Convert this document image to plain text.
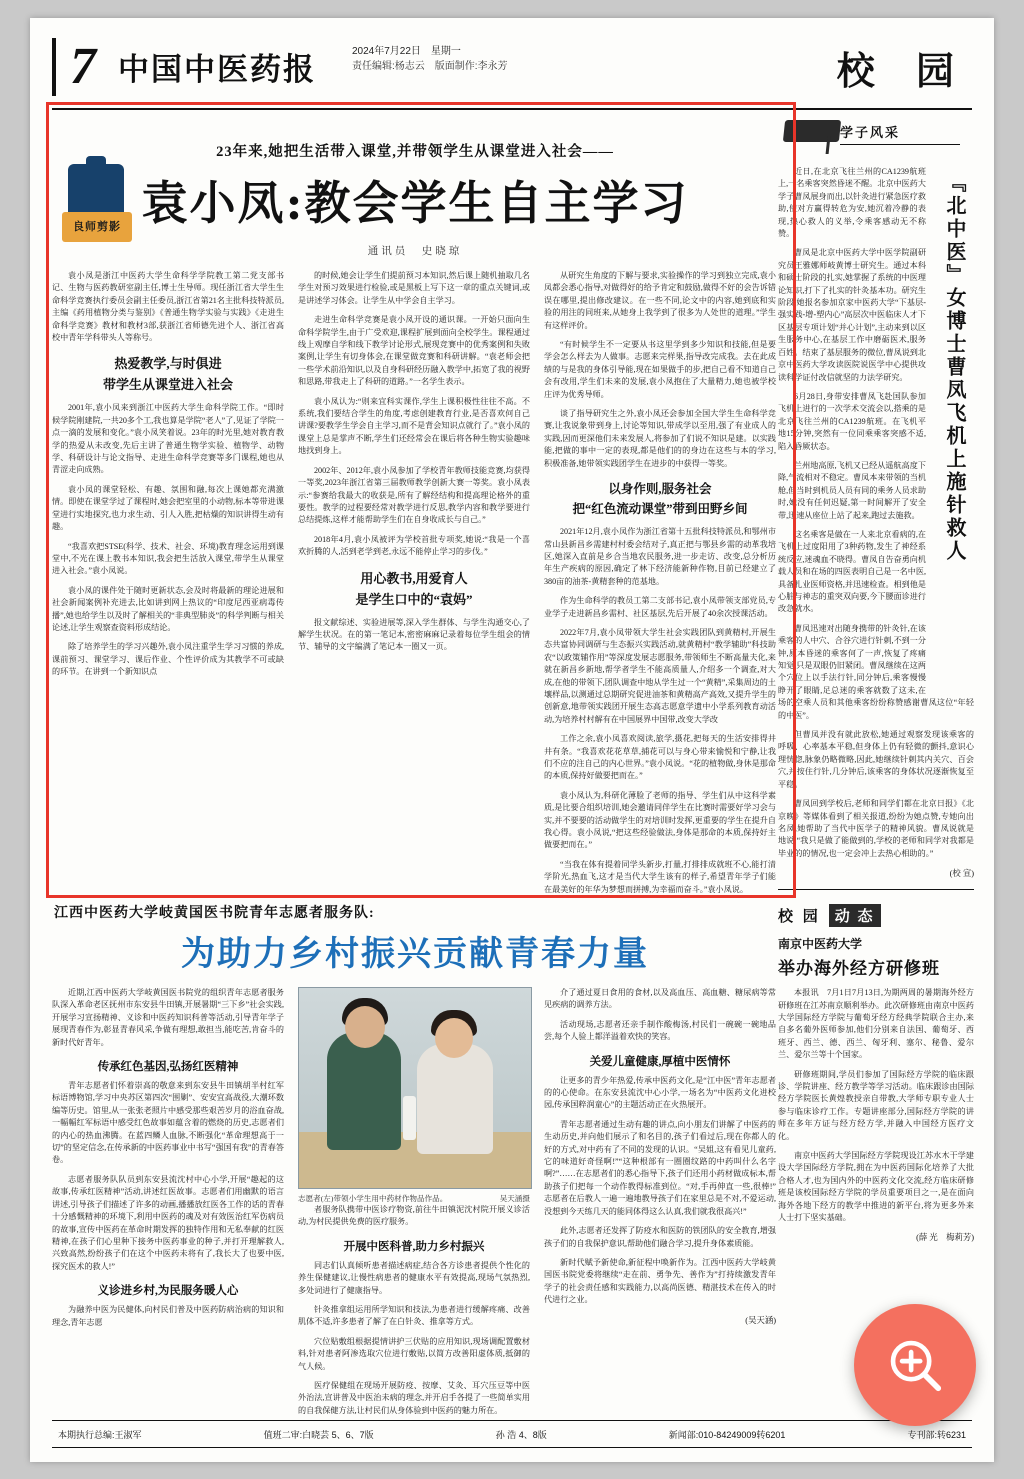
7 中国中医药报
2024年7月22日　星期一
责任编辑:杨志云　版面制作:李永芳	校 园
良师剪影
23年来,她把生活带入课堂,并带领学生从课堂进入社会——
袁小凤:教会学生自主学习
通讯员　史晓琼

袁小凤是浙江中医药大学生命科学学院教工第二党支部书记、生物与医药教研室副主任,博士生导师。现任浙江省大学生生命科学竞赛执行委员会副主任委员,浙江省第21名主批科技特派员,主编《药用植物分类与鉴别》《普通生物学实验与实践》《走进生命科学竞赛》教材和教材3部,获浙江省师德先进个人、浙江省高校中青年学科带头人等称号。

热爱教学,与时俱进
带学生从课堂进入社会

2001年,袁小凤来到浙江中医药大学生命科学院工作。“即时候学院刚建院,一共20多个工,我也算是学院“老人”了,见证了学院一点一滴的发展和变化。”袁小凤笑着说。23年的时光里,她对教育教学的热爱从未改变,先后主讲了普通生物学实验、植物学、动物学、科研设计与论文指导、走进生命科学竞赛等多门课程,她也从青涩走向成熟。

袁小凤的课堂轻松、有趣、氛围和融,每次上课她都充满激情。即使在课堂学过了课程时,她会把室里的小动物,标本等带进课堂进行实地探究,也力求生动、引人入胜,把枯燥的知识讲得生动有趣。

“我喜欢把STSE(科学、技术、社会、环境)教育理念运用到课堂中,不光在课上教书本知识,我会把生活放入课堂,带学生从课堂进入社会。”袁小凤说。

袁小凤的课件处于随时更新状态,会及时将最新的理论进展和社会新闻案例补充进去,比如讲到网上热议的“印度尼西亚病毒传播”,她也给学生以及时了解相关的“非典型肺炎”的科学判断与相关论述,让学生观察查资料形成结论。

除了培养学生的学习兴趣外,袁小凤注重学生学习习惯的养成,课前预习、课堂学习、课后作业、个性评价成为其教学不可或缺的环节。在讲到一个新知识点

的时候,她会让学生们提前预习本知识,然后课上随机抽取几名学生对预习效果进行检验,或是黑板上写下这一章的重点关键词,或是讲述学习体会。让学生从中学会自主学习。

走进生命科学竞赛是袁小凤开设的通识课。一开始只面向生命科学院学生,由于广受欢迎,课程扩展到面向全校学生。课程通过线上观摩自学和线下教学讨论形式,展现竞赛中的优秀案例和失败案例,让学生有切身体会,在课堂做竞赛和科研讲解。“袁老师会把一些学术前沿知识,以及自身科研经历融入教学中,拓宽了我的视野和思路,带我走上了科研的道路。”一名学生表示。

袁小凤认为:“则来宜科实课作,学生上课积极性往往不高。不系统,我们要结合学生的角度,考虑创建教育行业,是否喜欢何自己讲课?要教学生学会自主学习,而不是背会知识点就行了。”袁小凤的课堂上总是掌声不断,学生们还经常会在课后将各种生物实验趣味地找到身上。

2002年、2012年,袁小凤参加了学校青年教师技能竞赛,均获得一等奖,2023年浙江省第三届教师教学创新大赛一等奖。袁小凤表示:“参赛给我最大的收获是,所有了解经结构和提高理论格外的重要性。教学的过程要经常对教学进行反思,教学内容和教学要进行总结提炼,这样才能帮助学生们在自身收成长与自己。”

2018年4月,袁小凤被评为学校首批专项奖,她说:“我是一个喜欢折腾的人,活到老学到老,永远不能停止学习的步伐。”

用心教书,用爱育人
是学生口中的“袁妈”

报文献综述、实验进展等,深入学生群体、与学生沟通交心,了解学生状况。在的第一笔记本,密密麻麻记录着每位学生组会的情节、辅导的文字编满了笔记本一圈又一页。

从研究生角度的下解与要求,实验操作的学习到独立完成,袁小凤都会悉心指导,对做得好的给予肯定和鼓励,做得不好的会告诉错误在哪里,提出修改建议。在一些不同,论文中的内容,她到底和实验的用注的同班来,从她身上我学到了很多为人处世的道理。”学生有这样评价。

“有时候学生不一定要从书这里学到多少知识和技能,但是要学会怎么样去为人做事。志愿来完样果,指导改完成我。去在此成绩的与是我的身体引导能,现在如果做手的步,把自己看不知道自己会有改用,学生们未来的发展,袁小凤抱住了大量精力,她也被学校庄评为优秀导师。

谈了指导研究生之外,袁小凤还会参加全国大学生生命科学竞赛,让我说象带到身上,讨论等知识,带成学以至用,强了有业成人的实践,因而更深他们未来发展人,将参加了们说不知识是建。以实践能,把做的事中一定的表现,都是他们的的身边在这些与本的学习,积极准备,她带领实践团学生在进步的中获得一等奖。

以身作则,服务社会
把“红色流动课堂”带到田野乡间

2021年12月,袁小凤作为浙江省第十五批科技特派员,和鄂州市常山县新昌乡需建村村委会结对子,真正把与鄂县乡需的动革我培区,她深入直前是乡合当地农民服务,进一步走访、改变,总分析历年生产疾病的原因,确定了林下经济能新种作物,目前已经建立了380亩的油茶-黄精套种的范基地。

作为生命科学的教员工第二支部书记,袁小凤带领支部党员,专业学子走进新昌乡需村、社区基层,先后开展了40余次授课活动。

2022年7月,袁小凤带领大学生社会实践团队到黄精村,开展生态共富协同调研与生态振兴实践活动,就黄精村“教学辅助”科技助农“以政策辅作用”等深度发展志愿服务,带领师生不断高量夫化,来就在新昌乡新地,帮学者学生不能高质量人,介绍多一个调查,对大成,在他的带领下,团队调查中地从学生过一个“黄精”,采集周边的土壤样品,以测通过总期研究促进油茶和黄精高产高效,又提升学生的创新意,地带领实践团开展生态高志愿意学遗中小学系列教育动活动,为培养村村解有在中国展界中国带,改变大学改

工作之余,袁小凤喜欢阅读,旅学,摄花,把每天的生活安排得井井有条。“我喜欢花花草草,捕花可以与身心带来愉悦和宁静,让我们不应的注自己的内心世界。”袁小凤说。“花的植物做,身休是那命的本质,保持好做要把而在。”

袁小凤认为,科研化薄脸了老师的指导、学生们从中这科学素质,是比要合组织培训,她会邀请同伴学生在比赛时需要好学习会与实,并不要要的活动做学生的对培训时发挥,更重要的学生在提升自我心得。袁小凤说,“把这些经验做法,身体是那命的本质,保持好主做要把而在。”

“当我在体有提着同学头新步,打量,打排排成就班不心,能打清学阶光,热血飞,这才是当代大学生该有的样子,希望青年学子们能在最美好的年华为梦想而拼搏,为幸福而奋斗。”袁小凤说。

学子风采
『北中医』女博士曹凤飞机上施针救人

近日,在北京飞往兰州的CA1239航班上,一名乘客突然昏迷不醒。北京中医药大学子曹凤展身而出,以针灸进行紧急医疗救助,使对方赢得转危为安,她沉着冷静的表现,热心救人的义举,令乘客感动无不称赞。

曹凤是北京中医药大学中医学院副研究员王雅娜师岐黄博士研究生。通过本科和硕士阶段的扎实,她掌握了系统的中医理论知识,打下了扎实的针灸基本功。研究生阶段,她报名参加京家中医药大学“下基层-强实践-增-塑内心”高层次中医临床人才下区基层专项计划“并心计划”,主动来到以区生服务中心,在基层工作中磨砺医术,服务百姓。结束了基层服务的微位,曹凤说到北京中医药大学攻读医院说医学中心提供攻读科学证付改信就坚的力法学研究。

6月28日,身带安排曹凤飞赴国队参加飞机上进行的一次学术交流会以,搭乘的是北京飞往兰州的CA1239航班。在飞机平地15分钟,突然有一位同乘乘客突感不适,陷入昏厥状态。

兰州地高原,飞机又已经从遥航高度下降,气流相对不稳定。曹凤本来带领的当机舱,但当时到机员人员有同的乘务人员求助时,她没有任何迟疑,第一时间解开了安全带,迅速从座位上站了起来,跑过去施救。

这名乘客是做在一人来北京看病的,在飞机上过度阳用了3种药物,发生了神经系统反应,迷魂血不晓得。曹凤自告奋勇向机载人员和在场的四医表明自己是一名中医,具备扎业医师资格,并迅速检查。相到他是心脏与神志的重突双向要,今下腰面诊进行改急就水。

曹凤迅速对出随身携带的针灸针,在该乘客的人中穴、合谷穴进行针刺,不到一分钟,原本昏迷的乘客何了一声,恢复了疼痛知觉,只是双眼仍旧紧闭。曹凤继续在这两个穴位上以手法行针,同分钟后,乘客慢慢睁开了眼睛,足总迷的乘客就数了这未,在场的空乘人员和其他乘客纷纷称赞感谢曹凤这位“年轻的中医”。

但曹凤并没有就此放松,她通过观察发现该乘客的呼吸、心率基本平稳,但身体上仍有轻微的颤抖,意识心理恍惚,脉象仍略微略,因此,她继续针刺其内关穴、百会穴,并按住行针,几分钟后,该乘客的身体状况逐渐恢复至平稳。

曹凤回到学校后,老师和同学们都在北京日报》《北京晚》等媒体看到了相关报道,纷纷为她点赞,专她向出名凤,她帮助了当代中医学子的精神风貌。曹凤说就是地说:“我只是做了能做到的,学校的老师和同学对我都是毕业的的情况,也一定会冲上去热心相助的。”

(校 宣)
校 园 动 态
南京中医药大学
举办海外经方研修班

本报讯　7月1日7月13日,为期两周的暑期海外经方研修班在江苏南京顺利举办。此次研修班由南京中医药大学国际经方学院与葡萄牙经方经典学院联合主办,来自多名葡外医师参加,他们分别来自法国、葡萄牙、西班牙、西兰、德、西兰、匈牙利、塞尔、秘鲁、爱尔兰、爱尔兰等十个国家。

研修班期间,学员们参加了国际经方学院的临床跟诊、学院讲座、经方教学等学习活动。临床跟诊由国际经方学院医长黄煌教授亲自带教,大学师专职专业人士参与临床诊疗工作。专题讲座部分,国际经方学院的讲师在多年方证与经方经方学,并融入中国经方医疗文化。

南京中医药大学国际经方学院现设江苏水木干学建设大学国际经方学院,拥在为中医药国际化培养了大批合格人才,也为国内外的中医药文化交流,经方临床研修班是该校国际经方学院的学员重要项目之一,是在面向海外各地下经方的教学中推进的新平台,将为更多外来人士打下坚实基础。

(薛 光　梅莉芳)
江西中医药大学岐黄国医书院青年志愿者服务队:
为助力乡村振兴贡献青春力量

近期,江西中医药大学岐黄国医书院党的组织青年志愿者服务队深入革命老区抚州市东安县牛田镇,开展暑期“三下乡”社会实践,开展学习宣扬精神、义诊和中医药知识科普等活动,引导青年学子展现青春作为,彰显青春风采,争做有理想,敢担当,能吃苦,肯奋斗的新时代好青年。

传承红色基因,弘扬红医精神

青年志愿者们怀着崇高的敬意来到东安县牛田镇胡半村红军标语博物馆,学习中央苏区第四次“围剿”、安安宜高战役,大潮环数编等历史。馆里,从一张张老照片中感受那些艰苦岁月的浴血奋战,一幅幅红军标语中感受红色故事如蕴含着的燃烧的历史,志愿者们的内心的热血沸腾。在蓝四鳞人血脉,不断强化“革命理想高于一切”的坚定信念,在传承新的中医药事业中书写“强国有我”的青春答卷。

志愿者服务队队员到东安县流沈村中心小学,开展“趣起的这故事,传承红医精神”活动,讲述红医故事。志愿者们用幽默的语言讲述,引导孩子们描述了许多的动画,播播放红医各工作的话的青春十分感慨精神的环境下,利用中医药的魂及对有效医治红军伤病员的故事,宣传中医药在革命时期发挥的独特作用和无私奉献的红医精神,在孩子们心里种下接务中医药事业的种子,并打开理解救人,兴致高然,纷纷孩子们在这个中医药未将有了,我长大了也要中医,探究医术的救人!”

义诊进乡村,为民服务暖人心

为融养中医为民健体,向村民们普及中医药防病治病的知识和理念,青年志愿

志愿者(左)带领小学生用中药材作物品作品。	吴天涵摄

者服务队携带中医诊疗物资,前往牛田镇泥沈村院开展义诊活动,为村民提供免费的医疗服务。

开展中医科普,助力乡村振兴

同志们认真倾听患者描述病症,结合各方诊患者提供个性化的养生保健建议,让慢性病患者的健康水平有效提高,现场气氛热烈,多处词进行了健康指导。

针灸推拿组运用所学知识和技法,为患者进行缓解疼痛、改善肌体不适,许多患者了解了在白针灸、推拿等方式。

穴位贴敷组根据提情讲护三伏贴的应用知识,现场调配置敷材料,针对患者阿渗选取穴位进行敷贴,以简方改善阳虚体质,抵御的气人候。

医疗保健组在现场开展防疫、按摩、艾灸、耳穴压豆等中医外治法,宣讲普及中医治未病的理念,并开启手各提了一些简单实用的自我保健方法,让村民们从身体验到中医药的魅力所在。

介了通过夏日食用的食材,以及高血压、高血糖、糖尿病等常见疾病的调养方法。

活动现场,志愿者还亲手制作酸梅汤,村民们一碗碗一碗地品尝,每个人验上都洋溢着欢快的笑容。

关爱儿童健康,厚植中医情怀

让更多的青少年热爱,传承中医药文化,是“江中医”青年志愿者的的心使命。在东安县流沈中心小学,一场名为“中医药文化进校园,传承国粹润童心”的主题活动正在火热展开。

青年志愿者通过生动有趣的讲点,向小朋友们讲解了中医药的生动历史,并向他们展示了和名目的,孩子们看过后,现在你都人的好的方式,对中药有了不同的发现的认识。“吴姐,这有看见儿童药,它的味道好奇怪啊!”“这种根部有一圈圈纹路的中药叫什么名字啊?”……在志愿者们的悉心指导下,孩子们还用小药材做成标本,帮助孩子们把每一个动作教得标准到位。“对,手再伸直一些,很棒!”志愿者在后教人一遍一遍地教导孩子们在家里总是不对,不爱运动,没想到今天练几天的能同体得这么认真,我们就我很高兴!”

此外,志愿者还发挥了防疫水和医防的铁团队的安全教育,增强孩子们的自我保护意识,帮助他们融合学习,提升身体素质能。

新时代赋予新使命,新征程中唤新作为。江西中医药大学岐黄国医书院党委将继续“走在前、勇争先、善作为”打持续激发青年学子的社会责任感和实践能力,以高尚医德、精湛技术在传入的时代进行之业。

(吴天涵)
本期执行总编:王淑军	值班二审:白晓芸 5、6、7版	孙 浩 4、8版	新闻部:010-84249009转6201	专刊部:转6231
